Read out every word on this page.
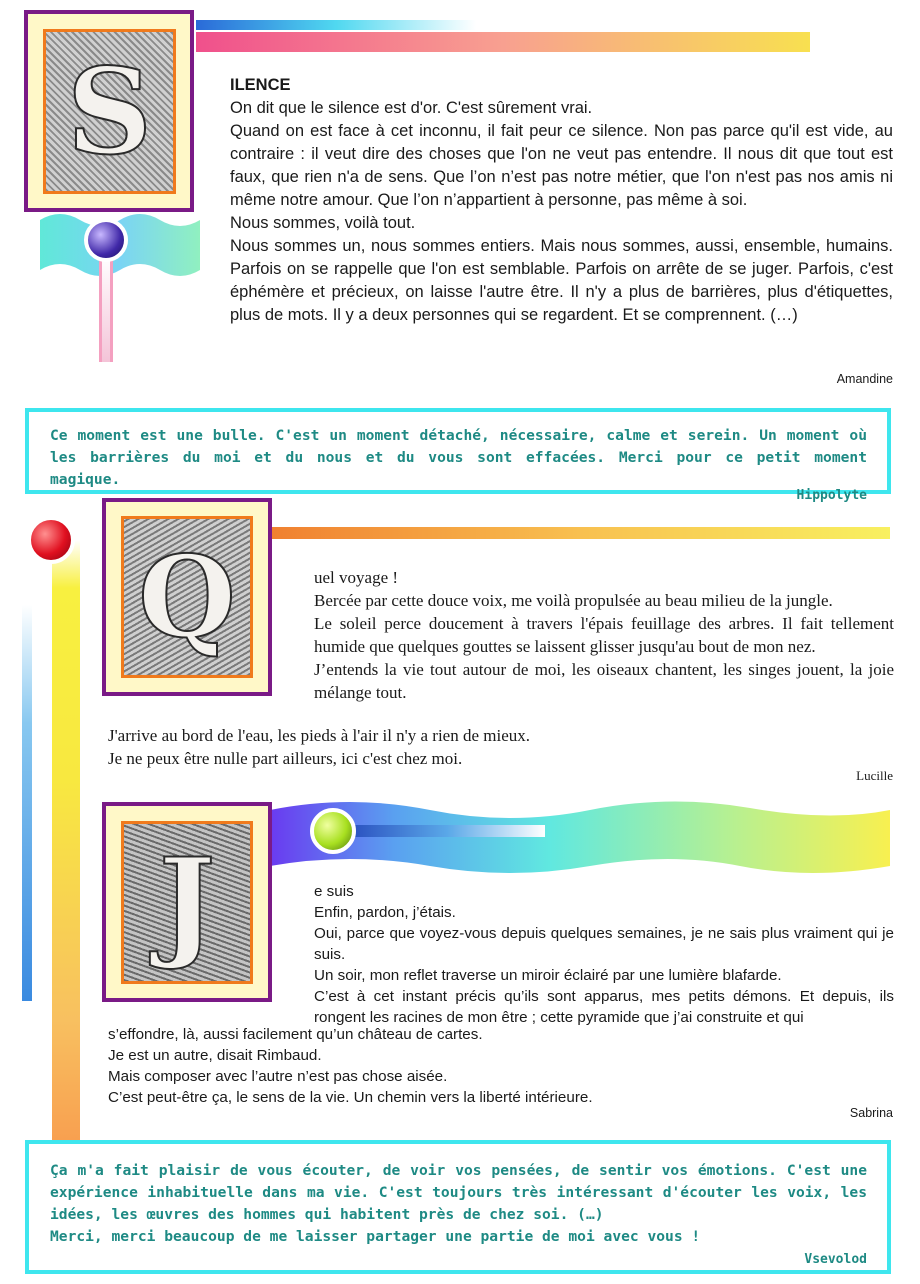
S	ILENCE

On dit que le silence est d'or. C'est sûrement vrai.

Quand on est face à cet inconnu, il fait peur ce silence. Non pas parce qu'il est vide, au contraire : il veut dire des choses que l'on ne veut pas entendre. Il nous dit que tout est faux, que rien n'a de sens. Que l’on n’est pas notre métier, que l'on n'est pas nos amis ni même notre amour. Que l’on n’appartient à personne, pas même à soi.

Nous sommes, voilà tout.

Nous sommes un, nous sommes entiers. Mais nous sommes, aussi, ensemble, humains. Parfois on se rappelle que l'on est semblable. Parfois on arrête de se juger. Parfois, c'est éphémère et précieux, on laisse l'autre être. Il n'y a plus de barrières, plus d'étiquettes, plus de mots. Il y a deux personnes qui se regardent. Et se comprennent. (…)

Amandine
Ce moment est une bulle. C'est un moment détaché, nécessaire, calme et serein. Un moment où les barrières du moi et du nous et du vous sont effacées. Merci pour ce petit moment magique.
Hippolyte
Q	uel voyage !

Bercée par cette douce voix, me voilà propulsée au beau milieu de la jungle.

Le soleil perce doucement à travers l'épais feuillage des arbres. Il fait tellement humide que quelques gouttes se laissent glisser jusqu'au bout de mon nez.

J’entends la vie tout autour de moi, les oiseaux chantent, les singes jouent, la joie mélange tout.

J'arrive au bord de l'eau, les pieds à l'air il n'y a rien de mieux.

Je ne peux être nulle part ailleurs, ici c'est chez moi.

Lucille
J	e suis

Enfin, pardon, j’étais.

Oui, parce que voyez-vous depuis quelques semaines, je ne sais plus vraiment qui je suis.

Un soir, mon reflet traverse un miroir éclairé par une lumière blafarde.

C’est à cet instant précis qu’ils sont apparus, mes petits démons. Et depuis, ils rongent les racines de mon être ; cette pyramide que j’ai construite et qui

s’effondre, là, aussi facilement qu’un château de cartes.

Je est un autre, disait Rimbaud.

Mais composer avec l’autre n’est pas chose aisée.

C’est peut-être ça, le sens de la vie. Un chemin vers la liberté intérieure.

Sabrina
Ça m'a fait plaisir de vous écouter, de voir vos pensées, de sentir vos émotions. C'est une expérience inhabituelle dans ma vie. C'est toujours très intéressant d'écouter les voix, les idées, les œuvres des hommes qui habitent près de chez soi. (…)
Merci, merci beaucoup de me laisser partager une partie de moi avec vous !
Vsevolod
